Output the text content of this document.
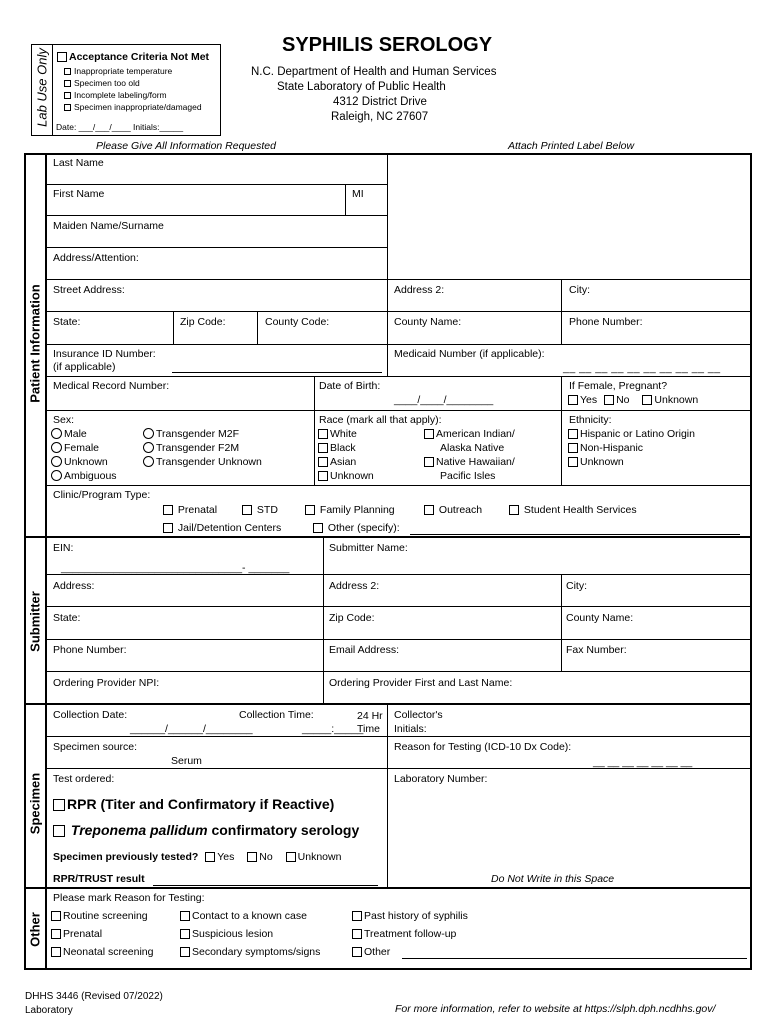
Lab Use Only	Acceptance Criteria Not Met
Inappropriate temperature
Specimen too old
Incomplete labeling/form
Specimen inappropriate/damaged
Date: ___/___/____ Initials:_____
SYPHILIS SEROLOGY
N.C. Department of Health and Human Services
State Laboratory of Public Health
4312 District Drive
Raleigh, NC 27607
Please Give All Information Requested	Attach Printed Label Below
Patient Information
Submitter
Specimen
Other
Last Name
First Name	MI
Maiden Name/Surname
Address/Attention:
Street Address:	Address 2:	City:
State:	Zip Code:	County Code:	County Name:	Phone Number:
Insurance ID Number:
(if applicable)
Medicaid Number (if applicable):
__ __ __ __ __ __ __ __ __ __
Medical Record Number:	Date of Birth:
____/____/________
If Female, Pregnant?
Yes No Unknown
Sex:
Male
Female
Unknown
Ambiguous
Transgender M2F
Transgender F2M
Transgender Unknown
Race (mark all that apply):
White
Black
Asian
Unknown
American Indian/
Alaska Native
Native Hawaiian/
Pacific Isles
Ethnicity:
Hispanic or Latino Origin
Non-Hispanic
Unknown
Clinic/Program Type:
Prenatal	STD	Family Planning	Outreach	Student Health Services
Jail/Detention Centers	Other (specify):
EIN:
_______________________________- _______
Submitter Name:
Address:	Address 2:	City:
State:	Zip Code:	County Name:
Phone Number:	Email Address:	Fax Number:
Ordering Provider NPI:	Ordering Provider First and Last Name:
Collection Date:
______/______/________
Collection Time:
_____:_____
24 Hr
Time
Collector's
Initials:
Specimen source:
Serum
Reason for Testing (ICD-10 Dx Code):
__ __ __ __ __ __ __
Test ordered:	Laboratory Number:
RPR (Titer and Confirmatory if Reactive)
Treponema pallidum confirmatory serology
Specimen previously tested? Yes No Unknown
RPR/TRUST result	Do Not Write in this Space
Please mark Reason for Testing:
Routine screening
Prenatal
Neonatal screening
Contact to a known case
Suspicious lesion
Secondary symptoms/signs
Past history of syphilis
Treatment follow-up
Other
DHHS 3446 (Revised 07/2022)
Laboratory	For more information, refer to website at https://slph.dph.ncdhhs.gov/
